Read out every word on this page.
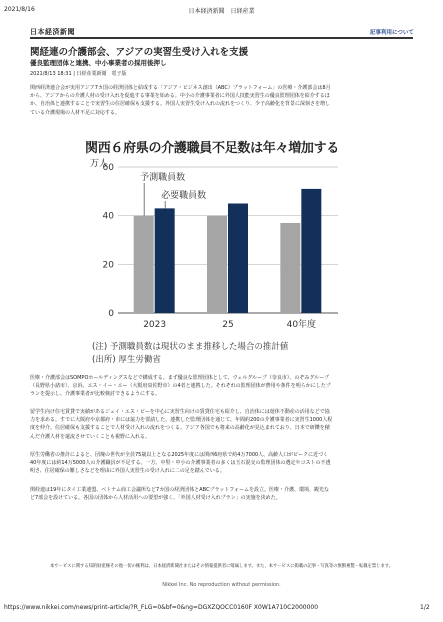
2021/8/16	日本経済新聞　日経産業
日本経済新聞	記事利用について
関経連の介護部会、アジアの実習生受け入れを支援
優良監理団体と連携、中小事業者の採用後押し
2021/8/13 18:31 | 日経産業新聞　電子版
関西経済連合会が実用アジア7カ国の経済団体と結成する「アジア・ビジネス創出（ABC）プラットフォーム」の医療・介護部会は8月
から、アジアからの介護人材の受け入れを促進する事業を始める。中小の介護事業者に外国人技能実習生の優良監理団体を紹介するほ
か、自治体と連携することで実習生の住居確保も支援する。外国人実習生受け入れの流れをつくり、少子高齢化を背景に深刻さを増し
ている介護現場の人材不足に対応する。
関西６府県の介護職員不足数は年々増加する
万人
0
20
40
60
2023	25	40年度
予測職員数
必要職員数
(注) 予測職員数は現状のまま推移した場合の推計値
(出所) 厚生労働省
医療・介護部会はSOMPOホールディングスなどで構成する。まず優良な監理団体として、ウェルグループ（奈良市）、のぞみグループ
（長野県小諸市）、京浜、エス・イー・エー（大阪府泉佐野市）の4者と連携した。それぞれの監理団体が費用や条件を明らかにしたプ
ランを提示し、介護事業者が比較検討できるようにする。
留学生向け住宅賃貸で実績があるジェイ・エス・ビーを中心に実習生向けの賃貸住宅も紹介し、自治体には遊休不動産の活用などで協
力を求める。すでに大阪府や京都府・市には協力を要請した。連携した監理団体を通じて、年間約200の介護事業者に実習生1000人程
度を仲介。住居確保も支援することで人材受け入れの流れをつくる。アジア各国でも将来の高齢化が見込まれており、日本で研鑽を積
んだ介護人材を還流させていくことも視野に入れる。
厚生労働省の推計によると、団塊の世代が全員75歳以上となる2025年度には関西6府県で約4万7000人、高齢人口がピークに近づく
40年度には約14万5000人の介護職員が不足する。一方、中堅・中小の介護事業者の多くは玉石混交の監理団体の選定やコストの不透
明さ、住居確保の難しさなどを理由に外国人実習生の受け入れに二の足を踏んでいる。
関経連は19年にタイ工業連盟、ベトナム商工会議所など7カ国の経済団体とABCプラットフォームを設立。医療・介護、環境、観光な
ど7部会を設けている。各国の団体から人材活用への要望が強く、「外国人材受け入れプラン」の実施を決めた。
本サービスに関する知的財産権その他一切の権利は、日本経済新聞社またはその情報提供者に帰属します。また、本サービスに掲載の記事・写真等の無断複製・転載を禁じます。
Nikkei Inc. No reproduction without permission.
https://www.nikkei.com/news/print-article/?R_FLG=0&bf=0&ng=DGXZQOCC0160F X0W1A710C2000000	1/2
